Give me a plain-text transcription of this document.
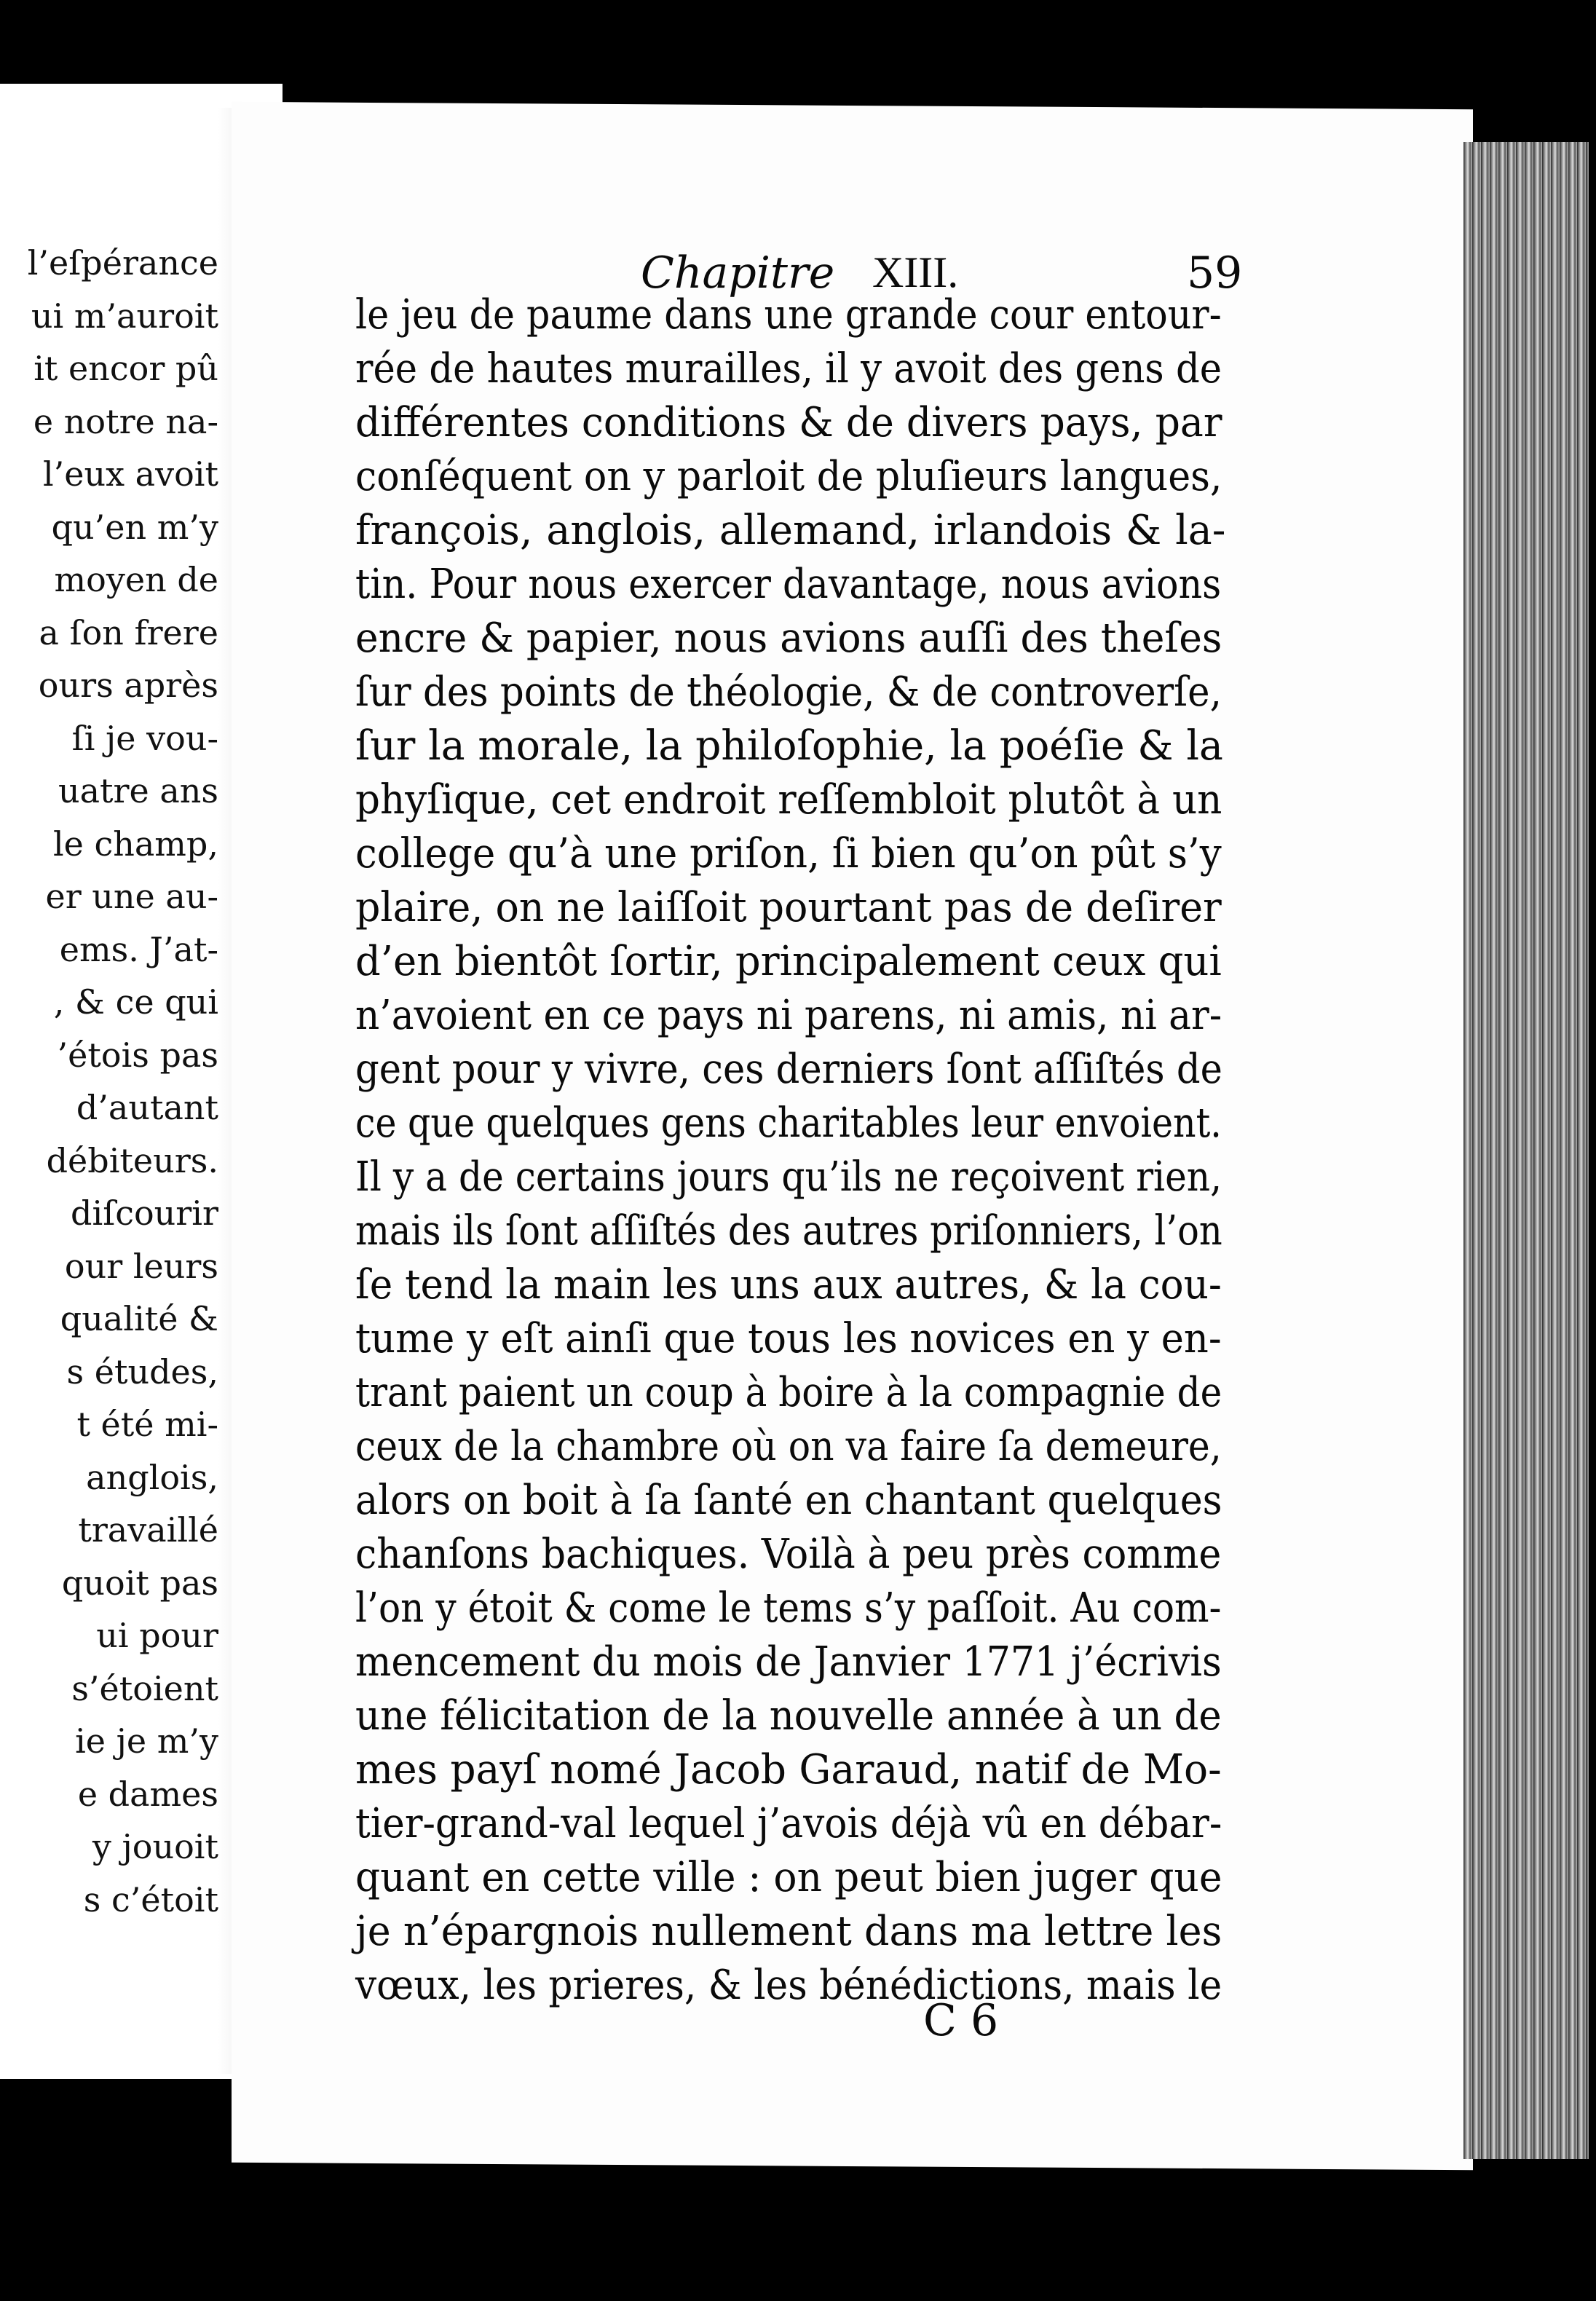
l’eſpérance
ui m’auroit
it encor pû
e notre na-
l’eux avoit
qu’en m’y
moyen de
a ſon frere
ours après
ſi je vou-
uatre ans
le champ,
er une au-
ems. J’at-
, & ce qui
’étois pas
d’autant
débiteurs.
diſcourir
our leurs
qualité &
s études,
t été mi-
anglois,
travaillé
quoit pas
ui pour
s’étoient
ie je m’y
e dames
y jouoit
s c’étoit
Chapitre XIII.	59
le jeu de paume dans une grande cour entour-
rée de hautes murailles, il y avoit des gens de
différentes conditions & de divers pays, par
conſéquent on y parloit de pluſieurs langues,
françois, anglois, allemand, irlandois & la-
tin. Pour nous exercer davantage, nous avions
encre & papier, nous avions auſſi des theſes
ſur des points de théologie, & de controverſe,
ſur la morale, la philoſophie, la poéſie & la
phyſique, cet endroit reſſembloit plutôt à un
college qu’à une priſon, ſi bien qu’on pût s’y
plaire, on ne laiſſoit pourtant pas de deſirer
d’en bientôt ſortir, principalement ceux qui
n’avoient en ce pays ni parens, ni amis, ni ar-
gent pour y vivre, ces derniers ſont aſſiſtés de
ce que quelques gens charitables leur envoient.
Il y a de certains jours qu’ils ne reçoivent rien,
mais ils ſont aſſiſtés des autres priſonniers, l’on
ſe tend la main les uns aux autres, & la cou-
tume y eſt ainſi que tous les novices en y en-
trant paient un coup à boire à la compagnie de
ceux de la chambre où on va faire ſa demeure,
alors on boit à ſa ſanté en chantant quelques
chanſons bachiques. Voilà à peu près comme
l’on y étoit & come le tems s’y paſſoit. Au com-
mencement du mois de Janvier 1771 j’écrivis
une félicitation de la nouvelle année à un de
mes payſ nomé Jacob Garaud, natif de Mo-
tier-grand-val lequel j’avois déjà vû en débar-
quant en cette ville : on peut bien juger que
je n’épargnois nullement dans ma lettre les
vœux, les prieres, & les bénédictions, mais le
C 6
